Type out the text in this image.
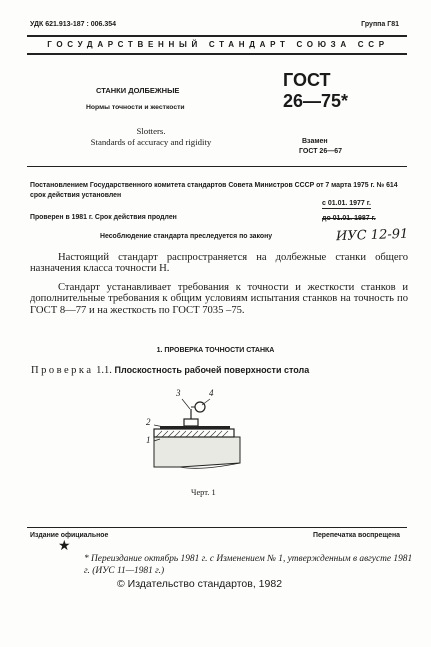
УДК 621.913-187 : 006.354	Группа Г81
ГОСУДАРСТВЕННЫЙ СТАНДАРТ СОЮЗА ССР
СТАНКИ ДОЛБЕЖНЫЕ
Нормы точности и жесткости
Slotters.
Standards of accuracy and rigidity
ГОСТ
26—75*
Взамен
ГОСТ 26—67
Постановлением Государственного комитета стандартов Совета Министров СССР от 7 марта 1975 г. № 614 срок действия установлен
с 01.01. 1977 г.
Проверен в 1981 г. Срок действия продлен	до 01.01. 1987 г.
Несоблюдение стандарта преследуется по закону	ИУС 12-91
Настоящий стандарт распространяется на долбежные станки общего назначения класса точности Н.
Стандарт устанавливает требования к точности и жесткости станков и дополнительные требования к общим условиям испытания станков на точность по ГОСТ 8—77 и на жесткость по ГОСТ 7035 –75.
1. ПРОВЕРКА ТОЧНОСТИ СТАНКА
Проверка 1.1. Плоскостность рабочей поверхности стола
3	4
2
1
Черт. 1
Издание официальное	Перепечатка воспрещена
★
* Переиздание октябрь 1981 г. с Изменением № 1, утвержденным в августе 1981 г. (ИУС 11—1981 г.)
© Издательство стандартов, 1982
